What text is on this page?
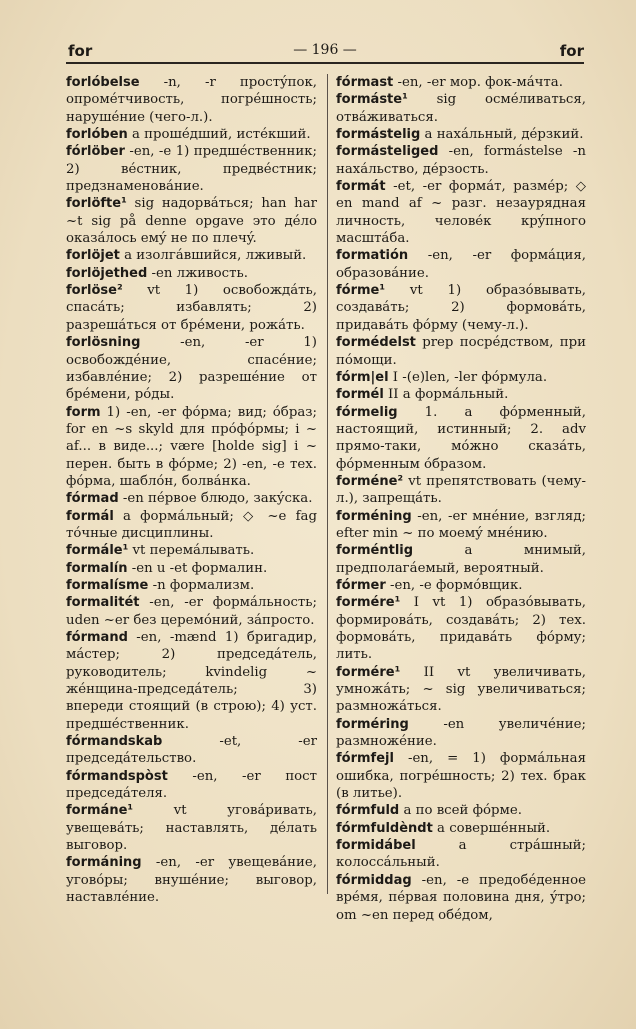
for	— 196 —	for

forlóbelse -n, -r простýпок, опромéтчивость, погрéшность; нарушéние (чего-л.).

forlóben a прошéдший, истéкший.

fórlöber -en, -e 1) предшéственник; 2) вéстник, предвéстник; предзнаменовáние.

forlöfte¹ sig надорвáться; han har ~t sig på denne opgave это дéло оказáлось емý не по плечý.

forlöjet a изолгáвшийся, лживый.

forlöjethed -en лживость.

forlöse² vt 1) освобождáть, спасáть; избавлять; 2) разрешáться от брéмени, рожáть.

forlösning -en, -er 1) освобождéние, спасéние; избавлéние; 2) разрешéние от брéмени, рóды.

form 1) -en, -er фóрма; вид; óбраз; for en ~s skyld для прóфóрмы; i ~ af... в видe...; være [holde sig] i ~ перен. быть в фóрме; 2) -en, -e тех. фóрма, шаблóн, болвáнка.

fórmad -en пéрвое блюдо, закýска.

formál a формáльный; ◇ ~e fag тóчные дисциплины.

formále¹ vt перемáлывать.

formalín -en u -et формалин.

formalísme -n формализм.

formalitét -en, -er формáльность; uden ~er без церемóний, зáпросто.

fórmand -en, -mænd 1) бригадир, мáстер; 2) председáтель, руководитель; kvindelig ~ жéнщина-председáтель; 3) впереди стоящий (в строю); 4) уст. предшéственник.

fórmandskab -et, -er председáтельство.

fórmandspòst -en, -er пост председáтеля.

formáne¹ vt уговáривать, увещевáть; наставлять, дéлать выговор.

formáning -en, -er увещевáние, уговóры; внушéние; выговор, наставлéние.

fórmast -en, -er мор. фок-мáчта.

formáste¹ sig осмéливаться, отвáживаться.

formástelig a нахáльный, дéрзкий.

formásteliged -en, formástelse -n нахáльство, дéрзость.

formát -et, -er формáт, размéр; ◇ en mand af ~ разг. незаурядная личность, человéк крýпного масштáба.

formatión -en, -er формáция, образовáние.

fórme¹ vt 1) образóвывать, создавáть; 2) формовáть, придавáть фóрму (чему-л.).

formédelst prep посрéдством, при пóмощи.

fórm|el I -(e)len, -ler фóрмула.

formél II a формáльный.

fórmelig 1. a фóрменный, настоящий, истинный; 2. adv прямо-таки, мóжно сказáть, фóрменным óбразом.

forméne² vt препятствовать (чему-л.), запрещáть.

forméning -en, -er мнéние, взгляд; efter min ~ по моемý мнéнию.

forméntlig a мнимый, предполагáемый, вероятный.

fórmer -en, -e формóвщик.

formére¹ I vt 1) образóвывать, формировáть, создавáть; 2) тех. формовáть, придавáть фóрму; лить.

formére¹ II vt увеличивать, умножáть; ~ sig увеличиваться; размножáться.

forméring -en увеличéние; размножéние.

fórmfejl -en, = 1) формáльная ошибка, погрéшность; 2) тех. брак (в литье).

fórmfuld a по всей фóрме.

fórmfuldèndt a совершéнный.

formidábel a стрáшный; колоссáльный.

fórmiddag -en, -e предобéденное врéмя, пéрвая половина дня, ýтро; om ~en перед обéдом,
